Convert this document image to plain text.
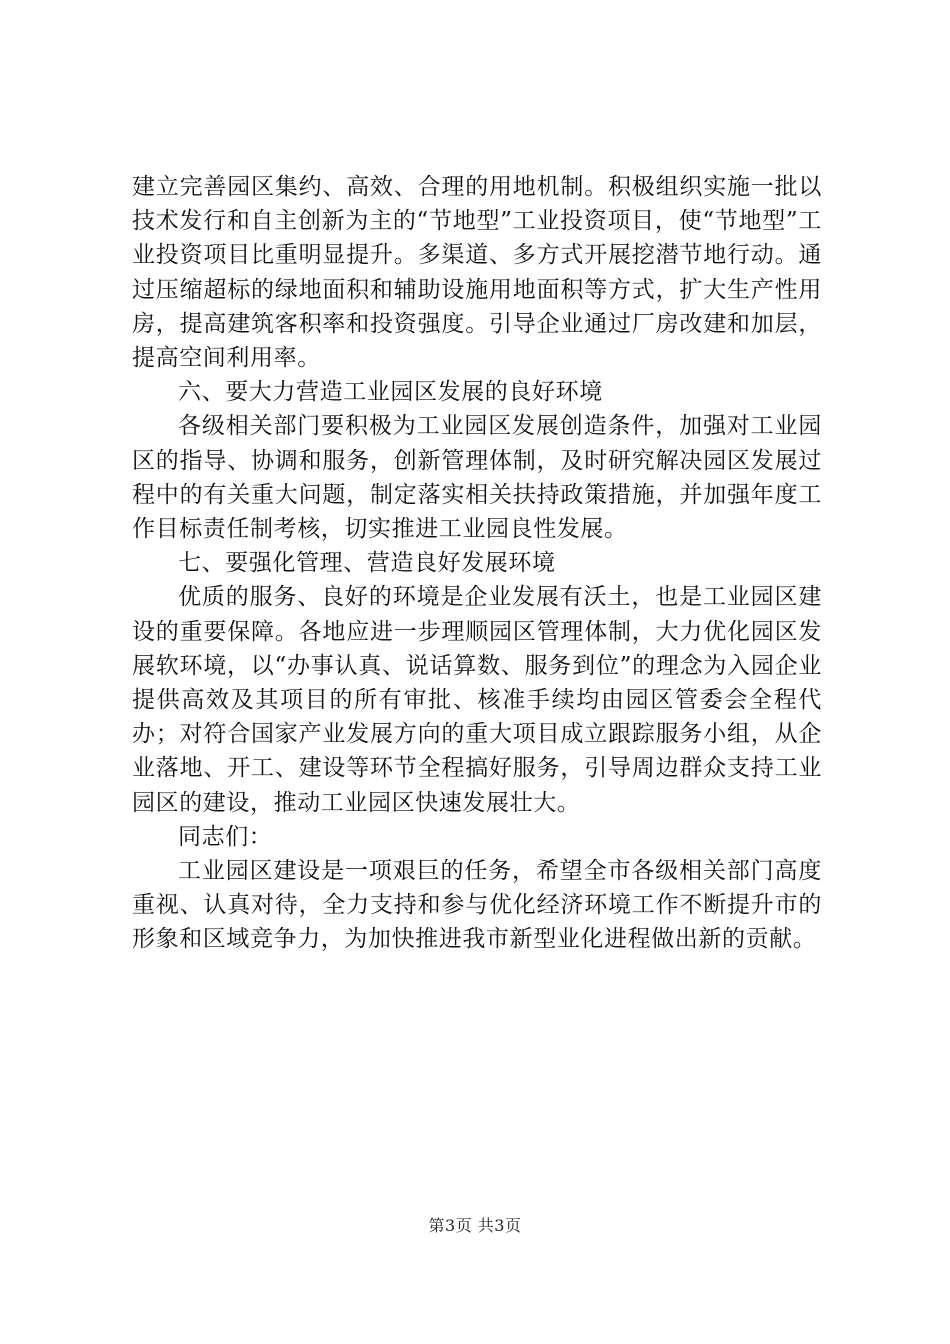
建立完善园区集约、高效、合理的用地机制。积极组织实施一批以技术发行和自主创新为主的“节地型”工业投资项目，使“节地型”工业投资项目比重明显提升。多渠道、多方式开展挖潜节地行动。通过压缩超标的绿地面积和辅助设施用地面积等方式，扩大生产性用房，提高建筑客积率和投资强度。引导企业通过厂房改建和加层，提高空间利用率。

六、要大力营造工业园区发展的良好环境

各级相关部门要积极为工业园区发展创造条件，加强对工业园区的指导、协调和服务，创新管理体制，及时研究解决园区发展过程中的有关重大问题，制定落实相关扶持政策措施，并加强年度工作目标责任制考核，切实推进工业园良性发展。

七、要强化管理、营造良好发展环境

优质的服务、良好的环境是企业发展有沃土，也是工业园区建设的重要保障。各地应进一步理顺园区管理体制，大力优化园区发展软环境，以“办事认真、说话算数、服务到位”的理念为入园企业提供高效及其项目的所有审批、核准手续均由园区管委会全程代办；对符合国家产业发展方向的重大项目成立跟踪服务小组，从企业落地、开工、建设等环节全程搞好服务，引导周边群众支持工业园区的建设，推动工业园区快速发展壮大。

同志们：

工业园区建设是一项艰巨的任务，希望全市各级相关部门高度重视、认真对待，全力支持和参与优化经济环境工作不断提升市的形象和区域竞争力，为加快推进我市新型业化进程做出新的贡献。

第3页 共3页
